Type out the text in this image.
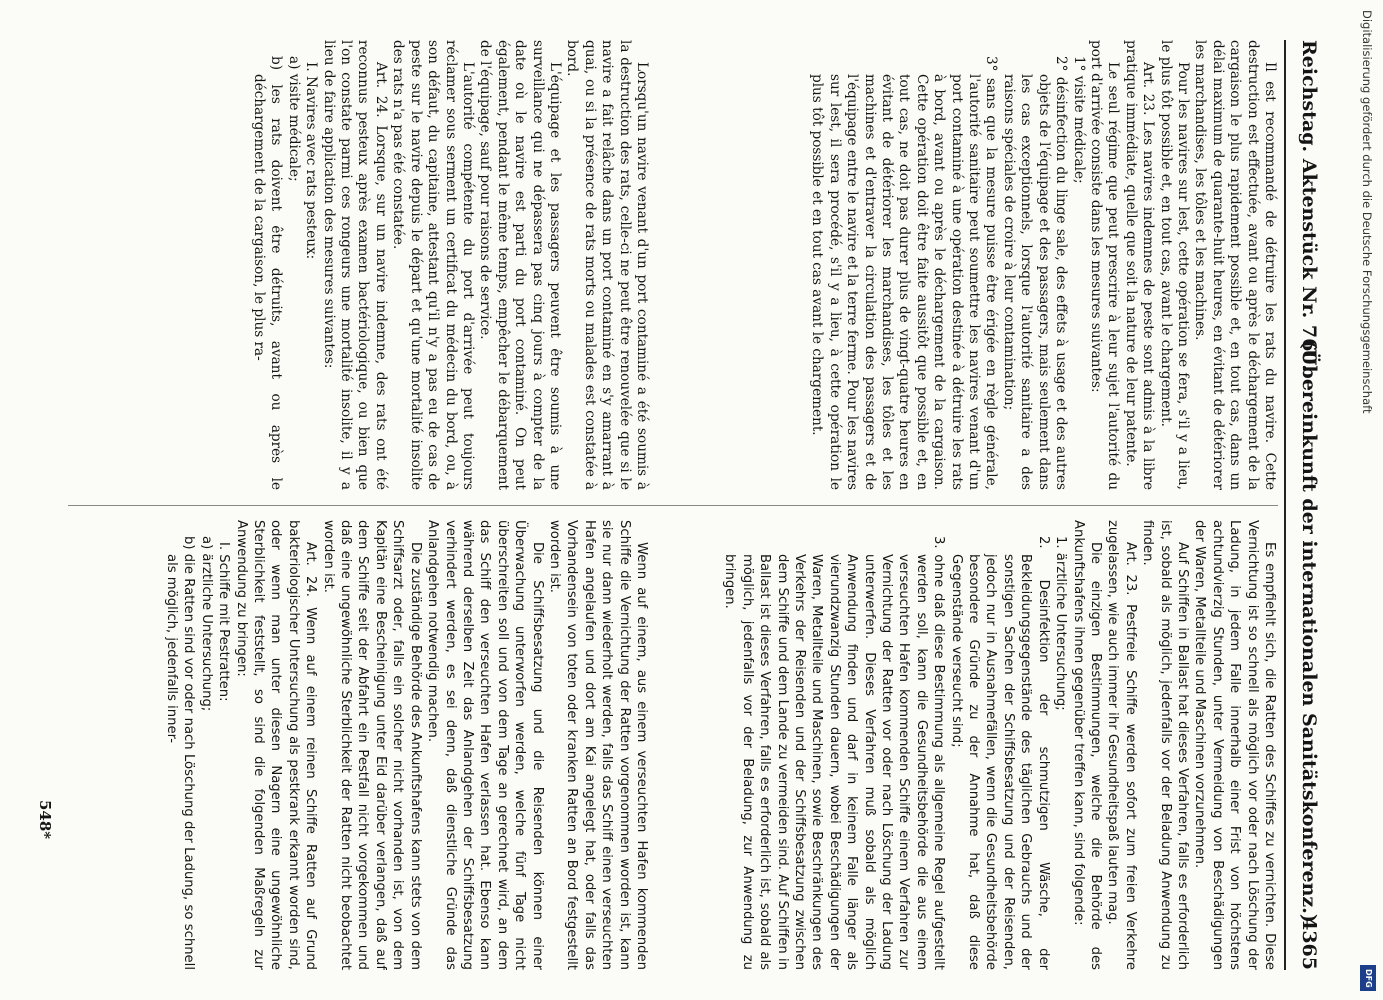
Reichstag. Aktenstück Nr. 760.
(Übereinkunft der internationalen Sanitätskonferenz.)
4365

Il est recommandé de détruire les rats du navire. Cette destruction est effectuée, avant ou après le déchargement de la cargaison le plus rapidement possible et, en tout cas, dans un délai maximum de quarante-huit heures, en évitant de détériorer les marchandises, les tôles et les machines.

Pour les navires sur lest, cette opération se fera, s'il y a lieu, le plus tôt possible et, en tout cas, avant le chargement.

Art. 23. Les navires indemnes de peste sont admis à la libre pratique immédiate, quelle que soit la nature de leur patente.

Le seul régime que peut prescrire à leur sujet l'autorité du port d'arrivée consiste dans les mesures suivantes:

1° visite médicale;

2° désinfection du linge sale, des effets à usage et des autres objets de l'équipage et des passagers, mais seulement dans les cas exceptionnels, lorsque l'autorité sanitaire a des raisons spéciales de croire à leur contamination;

3° sans que la mesure puisse être érigée en règle générale, l'autorité sanitaire peut soumettre les navires venant d'un port contaminé à une opération destinée à détruire les rats à bord, avant ou après le déchargement de la cargaison. Cette opération doit être faite aussitôt que possible et, en tout cas, ne doit pas durer plus de vingt-quatre heures en évitant de détériorer les marchandises, les tôles et les machines et d'entraver la circulation des passagers et de l'équipage entre le navire et la terre ferme. Pour les navires sur lest, il sera procédé, s'il y a lieu, à cette opération le plus tôt possible et en tout cas avant le chargement.

Es empfiehlt sich, die Ratten des Schiffes zu vernichten. Diese Vernichtung ist so schnell als möglich vor oder nach Löschung der Ladung, in jedem Falle innerhalb einer Frist von höchstens achtundvierzig Stunden, unter Vermeidung von Beschädigungen der Waren, Metallteile und Maschinen vorzunehmen.

Auf Schiffen in Ballast hat dieses Verfahren, falls es erforderlich ist, sobald als möglich, jedenfalls vor der Beladung Anwendung zu finden.

Art. 23. Pestfreie Schiffe werden sofort zum freien Verkehre zugelassen, wie auch immer ihr Gesundheitspaß lauten mag.

Die einzigen Bestimmungen, welche die Behörde des Ankunftshafens ihnen gegenüber treffen kann, sind folgende:

1. ärztliche Untersuchung;

2. Desinfektion der schmutzigen Wäsche, der Bekleidungsgegenstände des täglichen Gebrauchs und der sonstigen Sachen der Schiffsbesatzung und der Reisenden, jedoch nur in Ausnahmefällen, wenn die Gesundheitsbehörde besondere Gründe zu der Annahme hat, daß diese Gegenstände verseucht sind;

3. ohne daß diese Bestimmung als allgemeine Regel aufgestellt werden soll, kann die Gesundheitsbehörde die aus einem verseuchten Hafen kommenden Schiffe einem Verfahren zur Vernichtung der Ratten vor oder nach Löschung der Ladung unterwerfen. Dieses Verfahren muß sobald als möglich Anwendung finden und darf in keinem Falle länger als vierundzwanzig Stunden dauern, wobei Beschädigungen der Waren, Metallteile und Maschinen, sowie Beschränkungen des Verkehrs der Reisenden und der Schiffsbesatzung zwischen dem Schiffe und dem Lande zu vermeiden sind. Auf Schiffen in Ballast ist dieses Verfahren, falls es erforderlich ist, sobald als möglich, jedenfalls vor der Beladung, zur Anwendung zu bringen.

Lorsqu'un navire venant d'un port contaminé a été soumis à la destruction des rats, celle-ci ne peut être renouvelée que si le navire a fait relâche dans un port contaminé en s'y amarrant à quai, ou si la présence de rats morts ou malades est constatée à bord.

L'équipage et les passagers peuvent être soumis à une surveillance qui ne dépassera pas cinq jours à compter de la date où le navire est parti du port contaminé. On peut également, pendant le même temps, empêcher le débarquement de l'équipage, sauf pour raisons de service.

L'autorité compétente du port d'arrivée peut toujours réclamer sous serment un certificat du médecin du bord, ou, à son défaut, du capitaine, attestant qu'il n'y a pas eu de cas de peste sur le navire depuis le départ et qu'une mortalité insolite des rats n'a pas été constatée.

Art. 24. Lorsque, sur un navire indemne, des rats ont été reconnus pesteux après examen bactériologique, ou bien que l'on constate parmi ces rongeurs une mortalité insolite, il y a lieu de faire application des mesures suivantes:

I. Navires avec rats pesteux:

a) visite médicale;

b) les rats doivent être détruits, avant ou après le déchargement de la cargaison, le plus ra-

Wenn auf einem, aus einem verseuchten Hafen kommenden Schiffe die Vernichtung der Ratten vorgenommen worden ist, kann sie nur dann wiederholt werden, falls das Schiff einen verseuchten Hafen angelaufen und dort am Kai angelegt hat, oder falls das Vorhandensein von toten oder kranken Ratten an Bord festgestellt worden ist.

Die Schiffsbesatzung und die Reisenden können einer Überwachung unterworfen werden, welche fünf Tage nicht überschreiten soll und von dem Tage an gerechnet wird, an dem das Schiff den verseuchten Hafen verlassen hat. Ebenso kann während derselben Zeit das Anlandgehen der Schiffsbesatzung verhindert werden, es sei denn, daß dienstliche Gründe das Anlandgehen notwendig machen.

Die zuständige Behörde des Ankunftshafens kann stets von dem Schiffsarzt oder, falls ein solcher nicht vorhanden ist, von dem Kapitän eine Bescheinigung unter Eid darüber verlangen, daß auf dem Schiffe seit der Abfahrt ein Pestfall nicht vorgekommen und daß eine ungewöhnliche Sterblichkeit der Ratten nicht beobachtet worden ist.

Art. 24. Wenn auf einem reinen Schiffe Ratten auf Grund bakteriologischer Untersuchung als pestkrank erkannt worden sind, oder wenn man unter diesen Nagern eine ungewöhnliche Sterblichkeit feststellt, so sind die folgenden Maßregeln zur Anwendung zu bringen:

I. Schiffe mit Pestratten:

a) ärztliche Untersuchung;

b) die Ratten sind vor oder nach Löschung der Ladung, so schnell als möglich, jedenfalls inner-

548*
Digitalisierung gefördert durch die Deutsche Forschungsgemeinschaft
DFG
